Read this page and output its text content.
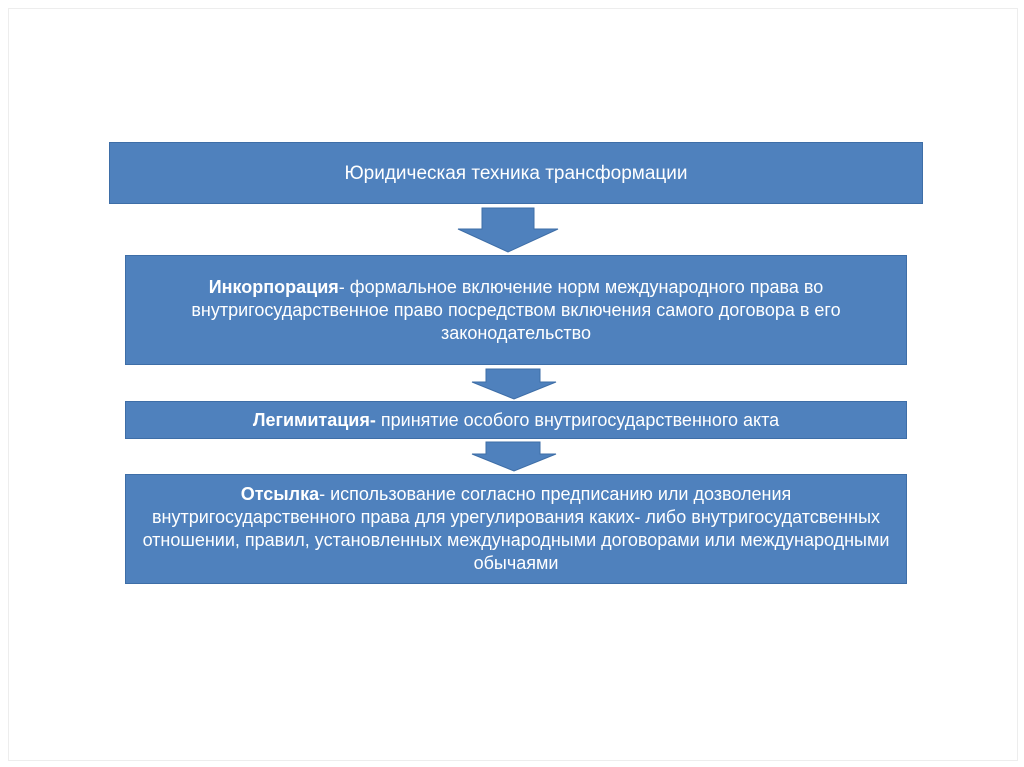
Юридическая техника трансформации

Инкорпорация- формальное включение норм международного права во внутригосударственное право посредством включения самого договора в его законодательство

Легимитация- принятие особого внутригосударственного акта

Отсылка- использование согласно предписанию или дозволения внутригосударственного права для урегулирования каких- либо внутригосудатсвенных отношении, правил, установленных международными договорами или международными обычаями
